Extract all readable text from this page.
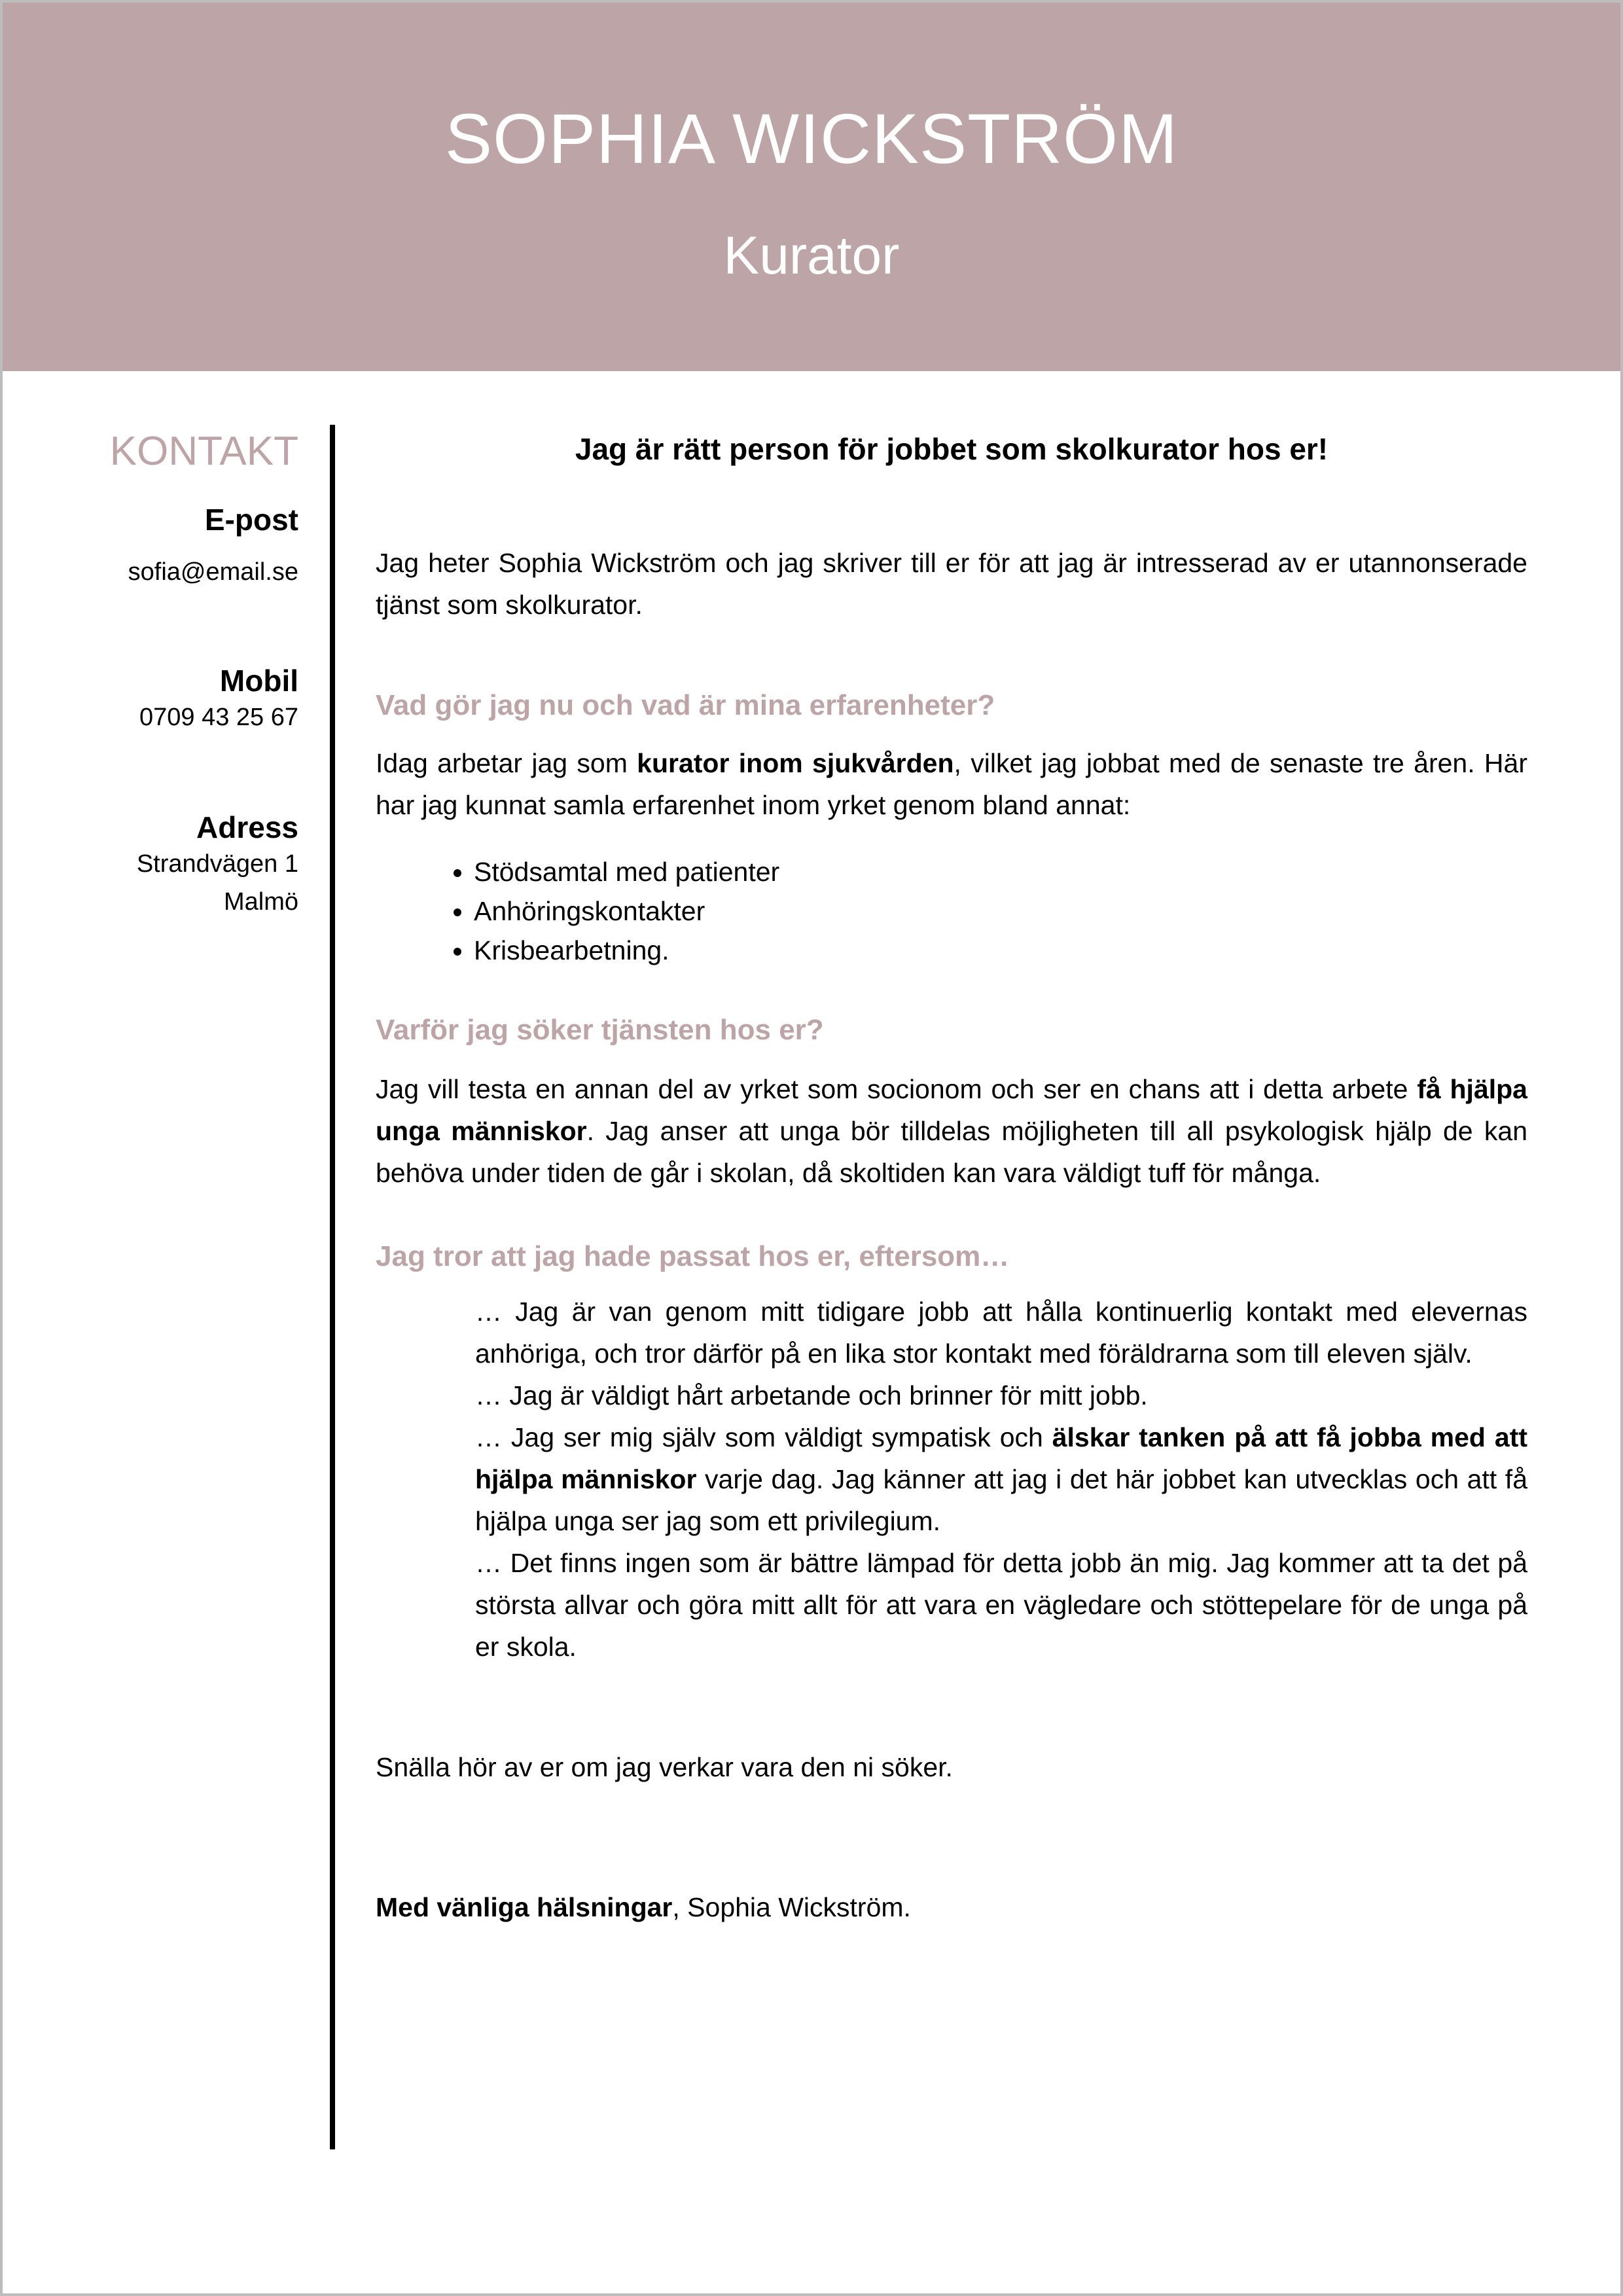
SOPHIA WICKSTRÖM
Kurator
KONTAKT
E-post
sofia@email.se
Mobil
0709 43 25 67
Adress
Strandvägen 1
Malmö
Jag är rätt person för jobbet som skolkurator hos er!

Jag heter Sophia Wickström och jag skriver till er för att jag är intresserad av er utannonserade tjänst som skolkurator.

Vad gör jag nu och vad är mina erfarenheter?

Idag arbetar jag som kurator inom sjukvården, vilket jag jobbat med de senaste tre åren. Här har jag kunnat samla erfarenhet inom yrket genom bland annat:

• Stödsamtal med patienter
• Anhöringskontakter
• Krisbearbetning.
Varför jag söker tjänsten hos er?

Jag vill testa en annan del av yrket som socionom och ser en chans att i detta arbete få hjälpa unga människor. Jag anser att unga bör tilldelas möjligheten till all psykologisk hjälp de kan behöva under tiden de går i skolan, då skoltiden kan vara väldigt tuff för många.

Jag tror att jag hade passat hos er, eftersom…

… Jag är van genom mitt tidigare jobb att hålla kontinuerlig kontakt med elevernas anhöriga, och tror därför på en lika stor kontakt med föräldrarna som till eleven själv.

… Jag är väldigt hårt arbetande och brinner för mitt jobb.

… Jag ser mig själv som väldigt sympatisk och älskar tanken på att få jobba med att hjälpa människor varje dag. Jag känner att jag i det här jobbet kan utvecklas och att få hjälpa unga ser jag som ett privilegium.

… Det finns ingen som är bättre lämpad för detta jobb än mig. Jag kommer att ta det på största allvar och göra mitt allt för att vara en vägledare och stöttepelare för de unga på er skola.

Snälla hör av er om jag verkar vara den ni söker.

Med vänliga hälsningar, Sophia Wickström.
